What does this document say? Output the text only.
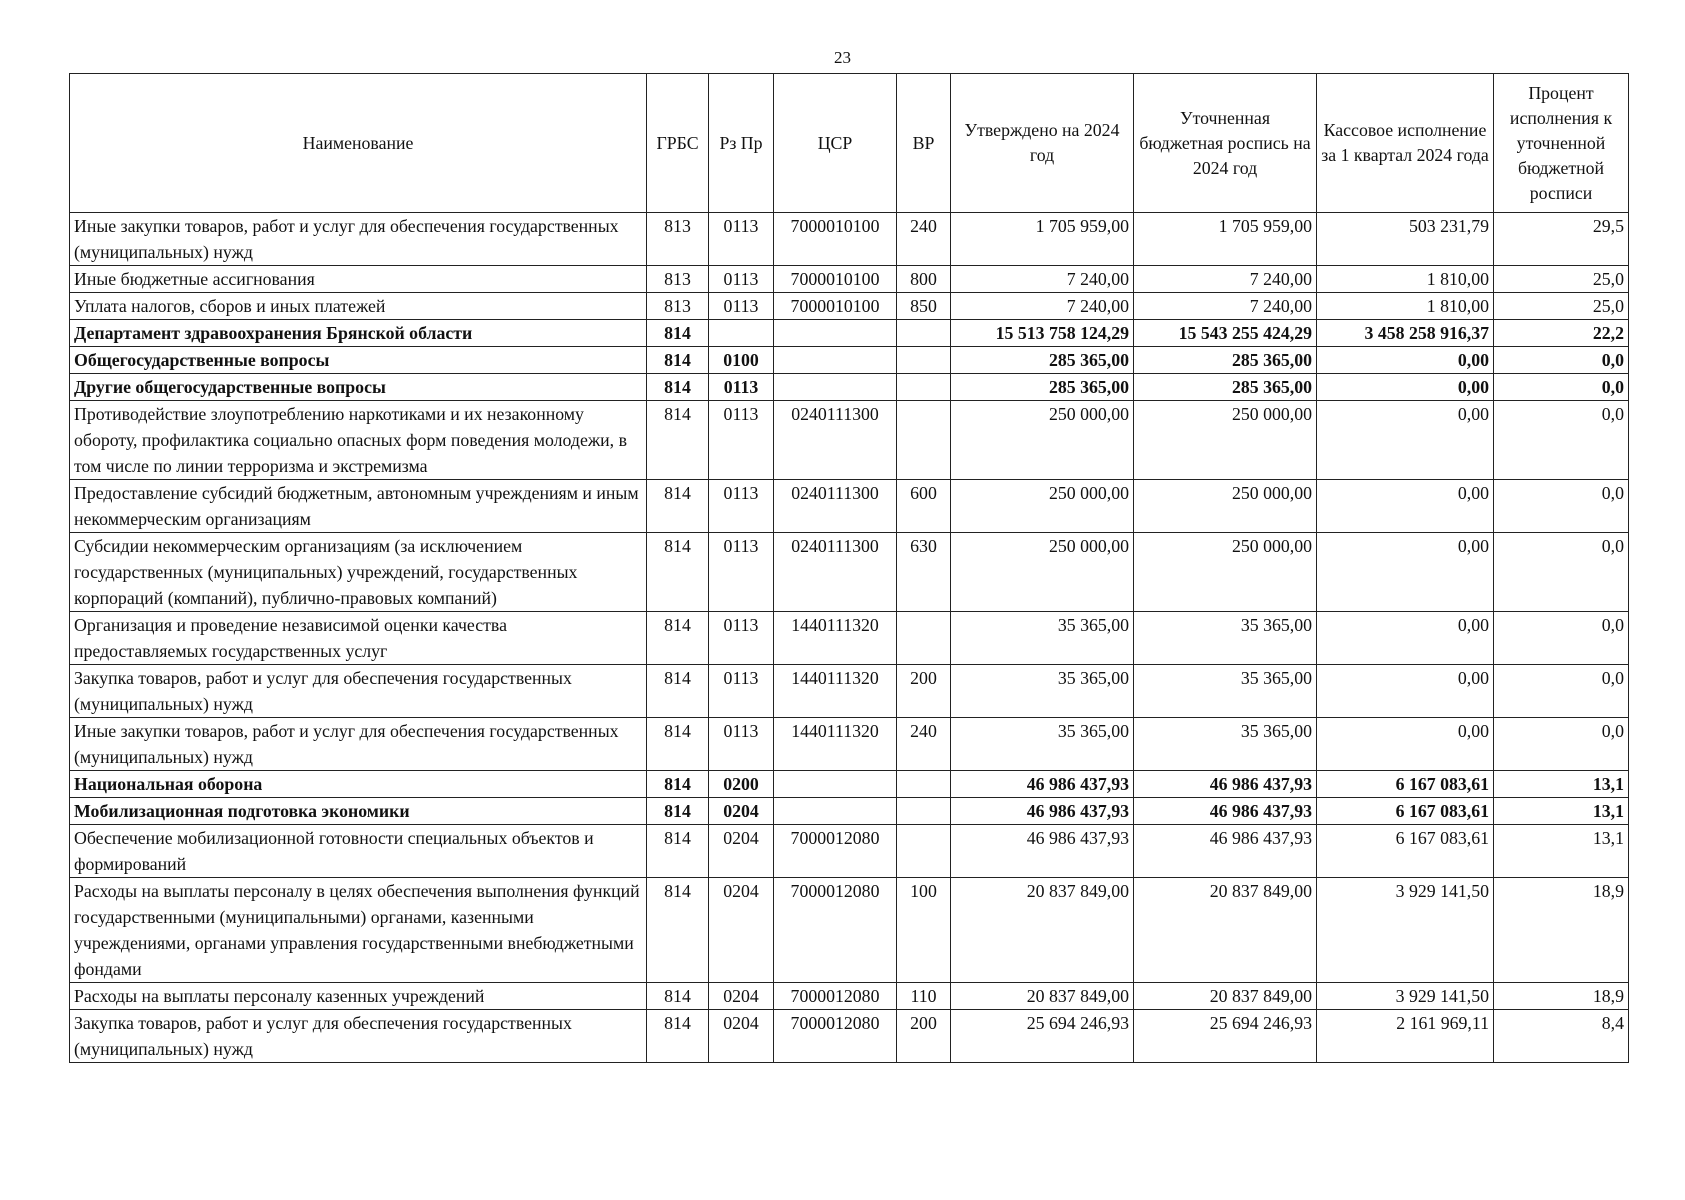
23
Наименование	ГРБС	Рз Пр	ЦСР	ВР	Утверждено на 2024 год	Уточненная бюджетная роспись на 2024 год	Кассовое исполнение за 1 квартал 2024 года	Процент исполнения к уточненной бюджетной росписи
Иные закупки товаров, работ и услуг для обеспечения государственных (муниципальных) нужд	813	0113	7000010100	240	1 705 959,00	1 705 959,00	503 231,79	29,5
Иные бюджетные ассигнования	813	0113	7000010100	800	7 240,00	7 240,00	1 810,00	25,0
Уплата налогов, сборов и иных платежей	813	0113	7000010100	850	7 240,00	7 240,00	1 810,00	25,0
Департамент здравоохранения Брянской области	814				15 513 758 124,29	15 543 255 424,29	3 458 258 916,37	22,2
Общегосударственные вопросы	814	0100			285 365,00	285 365,00	0,00	0,0
Другие общегосударственные вопросы	814	0113			285 365,00	285 365,00	0,00	0,0
Противодействие злоупотреблению наркотиками и их незаконному обороту, профилактика социально опасных форм поведения молодежи, в том числе по линии терроризма и экстремизма	814	0113	0240111300		250 000,00	250 000,00	0,00	0,0
Предоставление субсидий бюджетным, автономным учреждениям и иным некоммерческим организациям	814	0113	0240111300	600	250 000,00	250 000,00	0,00	0,0
Субсидии некоммерческим организациям (за исключением государственных (муниципальных) учреждений, государственных корпораций (компаний), публично-правовых компаний)	814	0113	0240111300	630	250 000,00	250 000,00	0,00	0,0
Организация и проведение независимой оценки качества предоставляемых государственных услуг	814	0113	1440111320		35 365,00	35 365,00	0,00	0,0
Закупка товаров, работ и услуг для обеспечения государственных (муниципальных) нужд	814	0113	1440111320	200	35 365,00	35 365,00	0,00	0,0
Иные закупки товаров, работ и услуг для обеспечения государственных (муниципальных) нужд	814	0113	1440111320	240	35 365,00	35 365,00	0,00	0,0
Национальная оборона	814	0200			46 986 437,93	46 986 437,93	6 167 083,61	13,1
Мобилизационная подготовка экономики	814	0204			46 986 437,93	46 986 437,93	6 167 083,61	13,1
Обеспечение мобилизационной готовности специальных объектов и формирований	814	0204	7000012080		46 986 437,93	46 986 437,93	6 167 083,61	13,1
Расходы на выплаты персоналу в целях обеспечения выполнения функций государственными (муниципальными) органами, казенными учреждениями, органами управления государственными внебюджетными фондами	814	0204	7000012080	100	20 837 849,00	20 837 849,00	3 929 141,50	18,9
Расходы на выплаты персоналу казенных учреждений	814	0204	7000012080	110	20 837 849,00	20 837 849,00	3 929 141,50	18,9
Закупка товаров, работ и услуг для обеспечения государственных (муниципальных) нужд	814	0204	7000012080	200	25 694 246,93	25 694 246,93	2 161 969,11	8,4
